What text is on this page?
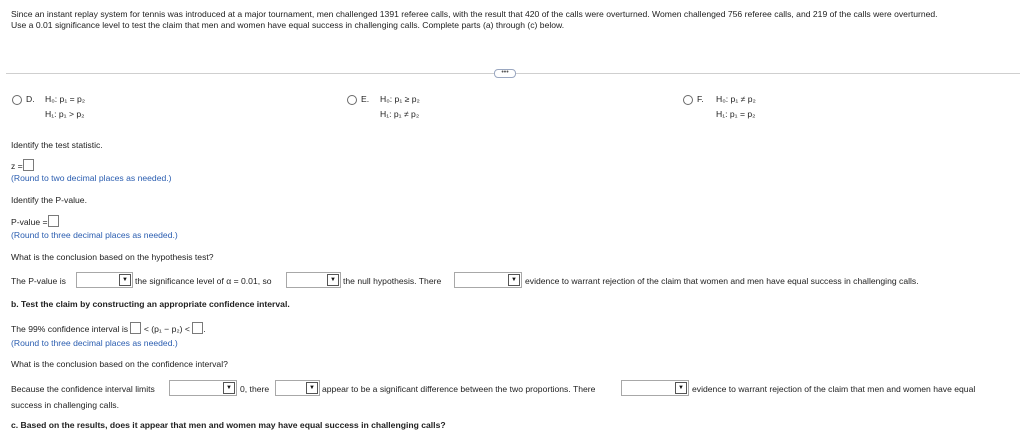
Since an instant replay system for tennis was introduced at a major tournament, men challenged 1391 referee calls, with the result that 420 of the calls were overturned. Women challenged 756 referee calls, and 219 of the calls were overturned.
Use a 0.01 significance level to test the claim that men and women have equal success in challenging calls. Complete parts (a) through (c) below.
•••
D. H₀: p₁ = p₂
H₁: p₁ > p₂
E. H₀: p₁ ≥ p₂
H₁: p₁ ≠ p₂
F. H₀: p₁ ≠ p₂
H₁: p₁ = p₂
Identify the test statistic.
z =
(Round to two decimal places as needed.)
Identify the P-value.
P-value =
(Round to three decimal places as needed.)
What is the conclusion based on the hypothesis test?
The P-value is	▼ the significance level of α = 0.01, so	▼ the null hypothesis. There	▼ evidence to warrant rejection of the claim that women and men have equal success in challenging calls.
b. Test the claim by constructing an appropriate confidence interval.
The 99% confidence interval is < (p₁ − p₂) < .
(Round to three decimal places as needed.)
What is the conclusion based on the confidence interval?
Because the confidence interval limits	▼ 0, there	▼ appear to be a significant difference between the two proportions. There	▼ evidence to warrant rejection of the claim that men and women have equal
success in challenging calls.
c. Based on the results, does it appear that men and women may have equal success in challenging calls?
